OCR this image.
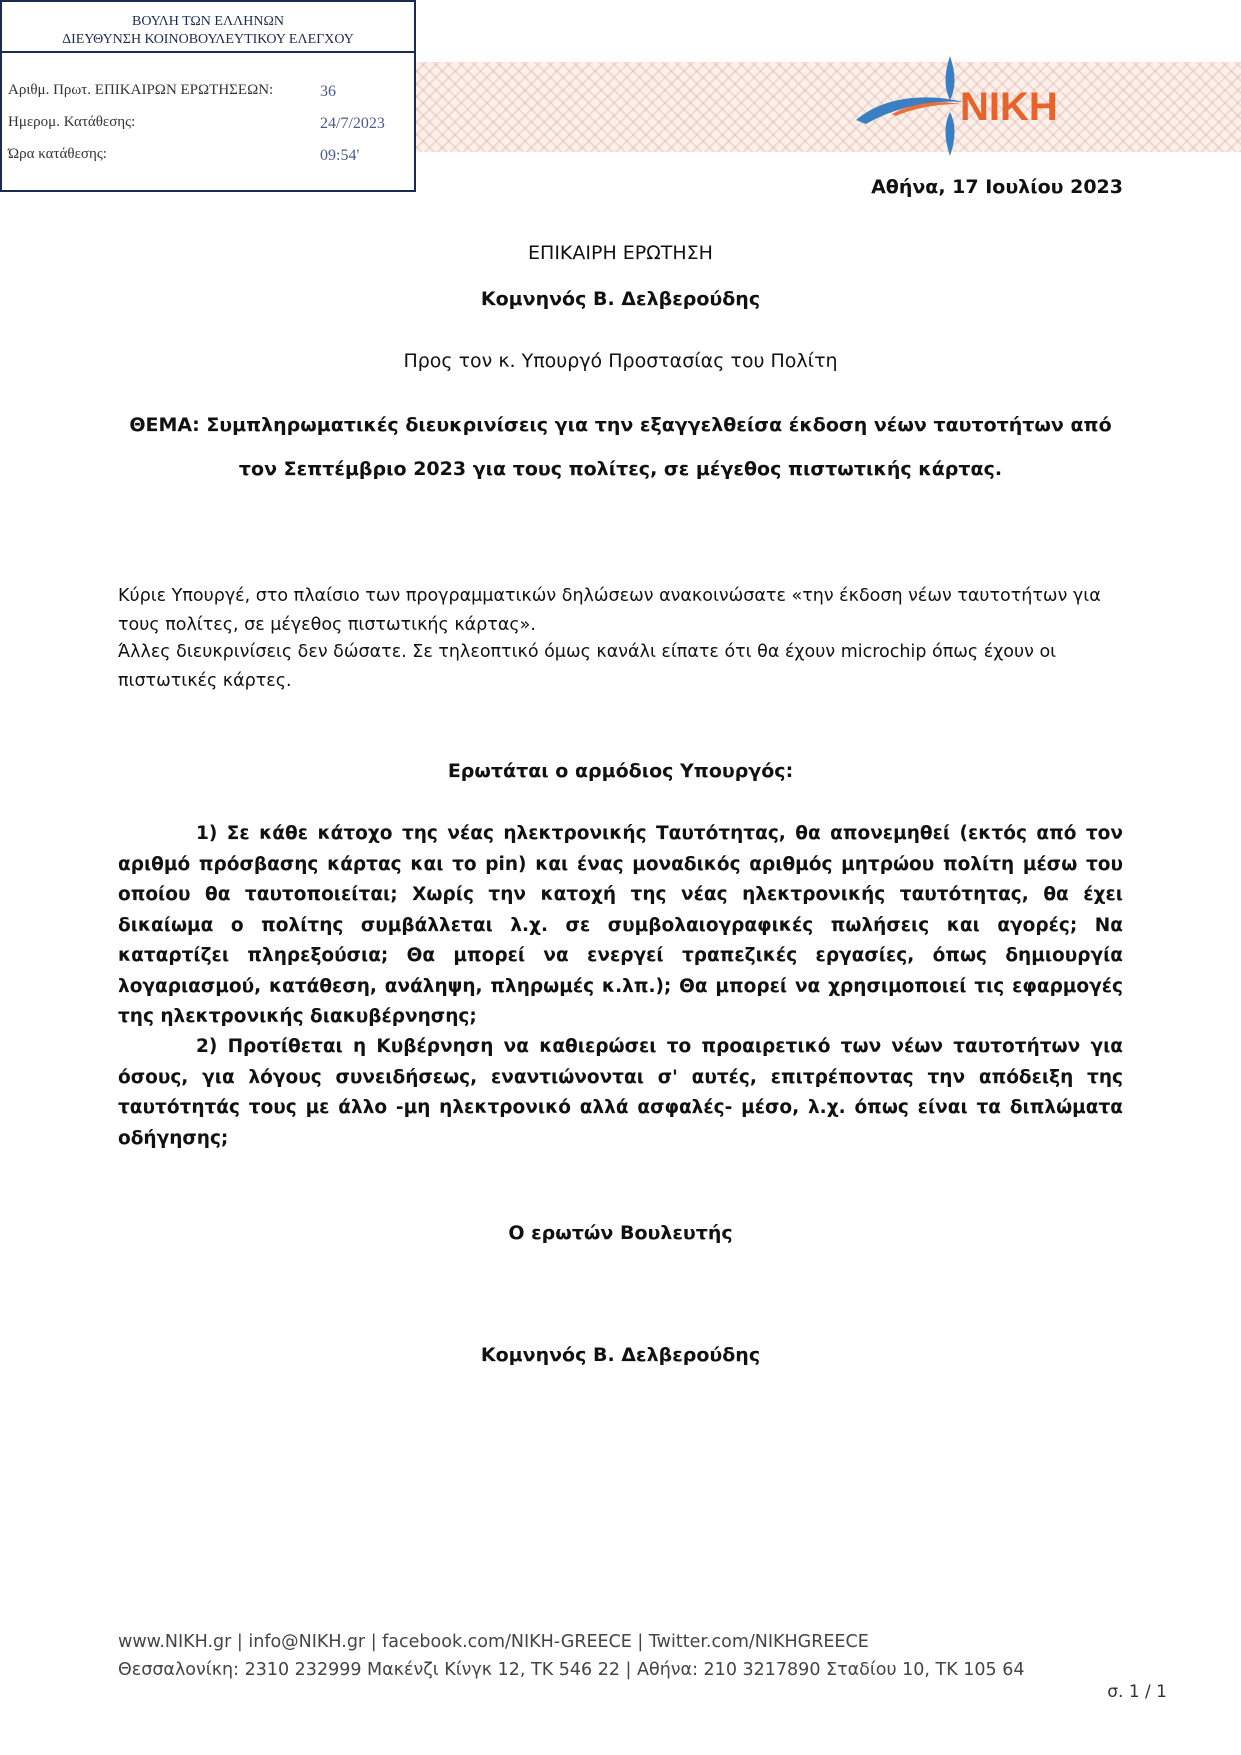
ΒΟΥΛΗ ΤΩΝ ΕΛΛΗΝΩΝ
ΔΙΕΥΘΥΝΣΗ ΚΟΙΝΟΒΟΥΛΕΥΤΙΚΟΥ ΕΛΕΓΧΟΥ
Αριθμ. Πρωτ. ΕΠΙΚΑΙΡΩΝ ΕΡΩΤΗΣΕΩΝ:	36
Ημερομ. Κατάθεσης:	24/7/2023
Ώρα κατάθεσης:	09:54'
NIKH
Αθήνα, 17 Ιουλίου 2023
ΕΠΙΚΑΙΡΗ ΕΡΩΤΗΣΗ
Κομνηνός Β. Δελβερούδης
Προς τον κ. Υπουργό Προστασίας του Πολίτη
ΘΕΜΑ: Συμπληρωματικές διευκρινίσεις για την εξαγγελθείσα έκδοση νέων ταυτοτήτων από
τον Σεπτέμβριο 2023 για τους πολίτες, σε μέγεθος πιστωτικής κάρτας.
Κύριε Υπουργέ, στο πλαίσιο των προγραμματικών δηλώσεων ανακοινώσατε «την έκδοση νέων ταυτοτήτων για τους πολίτες, σε μέγεθος πιστωτικής κάρτας».
Άλλες διευκρινίσεις δεν δώσατε. Σε τηλεοπτικό όμως κανάλι είπατε ότι θα έχουν microchip όπως έχουν οι πιστωτικές κάρτες.
Ερωτάται ο αρμόδιος Υπουργός:
1) Σε κάθε κάτοχο της νέας ηλεκτρονικής Ταυτότητας, θα απονεμηθεί (εκτός από τον αριθμό πρόσβασης κάρτας και το pin) και ένας μοναδικός αριθμός μητρώου πολίτη μέσω του οποίου θα ταυτοποιείται; Χωρίς την κατοχή της νέας ηλεκτρονικής ταυτότητας, θα έχει δικαίωμα ο πολίτης συμβάλλεται λ.χ. σε συμβολαιογραφικές πωλήσεις και αγορές; Να καταρτίζει πληρεξούσια; Θα μπορεί να ενεργεί τραπεζικές εργασίες, όπως δημιουργία λογαριασμού, κατάθεση, ανάληψη, πληρωμές κ.λπ.); Θα μπορεί να χρησιμοποιεί τις εφαρμογές της ηλεκτρονικής διακυβέρνησης;
2) Προτίθεται η Κυβέρνηση να καθιερώσει το προαιρετικό των νέων ταυτοτήτων για όσους, για λόγους συνειδήσεως, εναντιώνονται σ' αυτές, επιτρέποντας την απόδειξη της ταυτότητάς τους με άλλο -μη ηλεκτρονικό αλλά ασφαλές- μέσο, λ.χ. όπως είναι τα διπλώματα οδήγησης;
Ο ερωτών Βουλευτής
Κομνηνός Β. Δελβερούδης
www.NIKH.gr | info@NIKH.gr | facebook.com/NIKH-GREECE | Twitter.com/NIKHGREECE
Θεσσαλονίκη: 2310 232999 Μακένζι Κίνγκ 12, ΤΚ 546 22 | Αθήνα: 210 3217890 Σταδίου 10, ΤΚ 105 64
σ. 1 / 1
